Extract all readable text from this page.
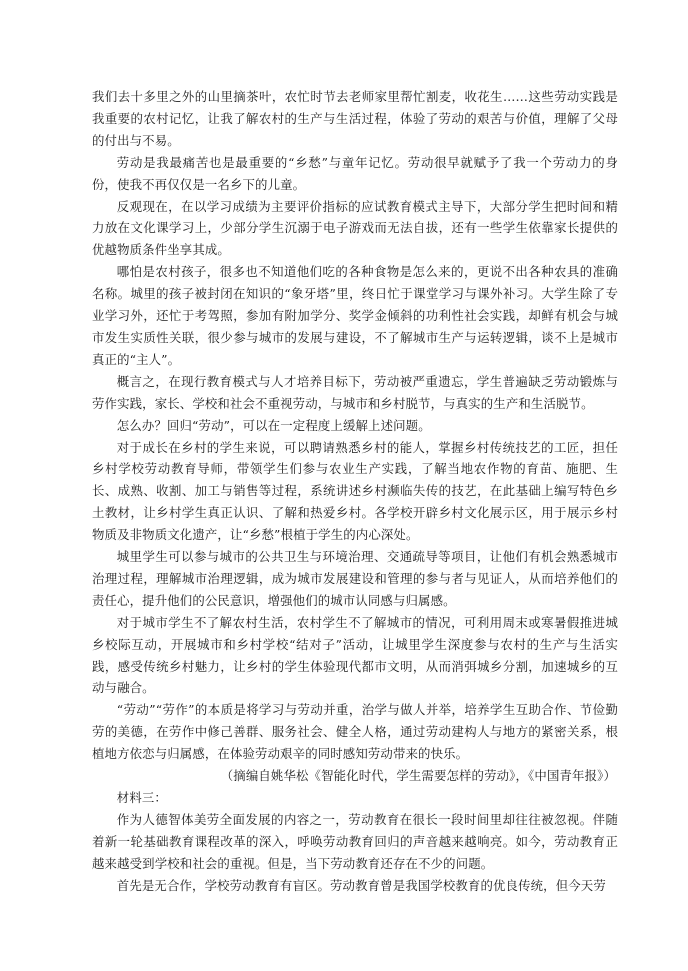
我们去十多里之外的山里摘茶叶，农忙时节去老师家里帮忙割麦，收花生……这些劳动实践是我重要的农村记忆，让我了解农村的生产与生活过程，体验了劳动的艰苦与价值，理解了父母的付出与不易。

劳动是我最痛苦也是最重要的“乡愁”与童年记忆。劳动很早就赋予了我一个劳动力的身份，使我不再仅仅是一名乡下的儿童。

反观现在，在以学习成绩为主要评价指标的应试教育模式主导下，大部分学生把时间和精力放在文化课学习上，少部分学生沉溺于电子游戏而无法自拔，还有一些学生依靠家长提供的优越物质条件坐享其成。

哪怕是农村孩子，很多也不知道他们吃的各种食物是怎么来的，更说不出各种农具的准确名称。城里的孩子被封闭在知识的“象牙塔”里，终日忙于课堂学习与课外补习。大学生除了专业学习外，还忙于考驾照，参加有附加学分、奖学金倾斜的功利性社会实践，却鲜有机会与城市发生实质性关联，很少参与城市的发展与建设，不了解城市生产与运转逻辑，谈不上是城市真正的“主人”。

概言之，在现行教育模式与人才培养目标下，劳动被严重遗忘，学生普遍缺乏劳动锻炼与劳作实践，家长、学校和社会不重视劳动，与城市和乡村脱节，与真实的生产和生活脱节。

怎么办？回归“劳动”，可以在一定程度上缓解上述问题。

对于成长在乡村的学生来说，可以聘请熟悉乡村的能人，掌握乡村传统技艺的工匠，担任乡村学校劳动教育导师，带领学生们参与农业生产实践，了解当地农作物的育苗、施肥、生长、成熟、收割、加工与销售等过程，系统讲述乡村濒临失传的技艺，在此基础上编写特色乡土教材，让乡村学生真正认识、了解和热爱乡村。各学校开辟乡村文化展示区，用于展示乡村物质及非物质文化遗产，让“乡愁”根植于学生的内心深处。

城里学生可以参与城市的公共卫生与环境治理、交通疏导等项目，让他们有机会熟悉城市治理过程，理解城市治理逻辑，成为城市发展建设和管理的参与者与见证人，从而培养他们的责任心，提升他们的公民意识，增强他们的城市认同感与归属感。

对于城市学生不了解农村生活，农村学生不了解城市的情况，可利用周末或寒暑假推进城乡校际互动，开展城市和乡村学校“结对子”活动，让城里学生深度参与农村的生产与生活实践，感受传统乡村魅力，让乡村的学生体验现代都市文明，从而消弭城乡分割，加速城乡的互动与融合。

“劳动”“劳作”的本质是将学习与劳动并重，治学与做人并举，培养学生互助合作、节俭勤劳的美德，在劳作中修己善群、服务社会、健全人格，通过劳动建构人与地方的紧密关系，根植地方依恋与归属感，在体验劳动艰辛的同时感知劳动带来的快乐。

（摘编自姚华松《智能化时代，学生需要怎样的劳动》，《中国青年报》）

材料三：

作为人德智体美劳全面发展的内容之一，劳动教育在很长一段时间里却往往被忽视。伴随着新一轮基础教育课程改革的深入，呼唤劳动教育回归的声音越来越响亮。如今，劳动教育正越来越受到学校和社会的重视。但是，当下劳动教育还存在不少的问题。

首先是无合作，学校劳动教育有盲区。劳动教育曾是我国学校教育的优良传统，但今天劳
